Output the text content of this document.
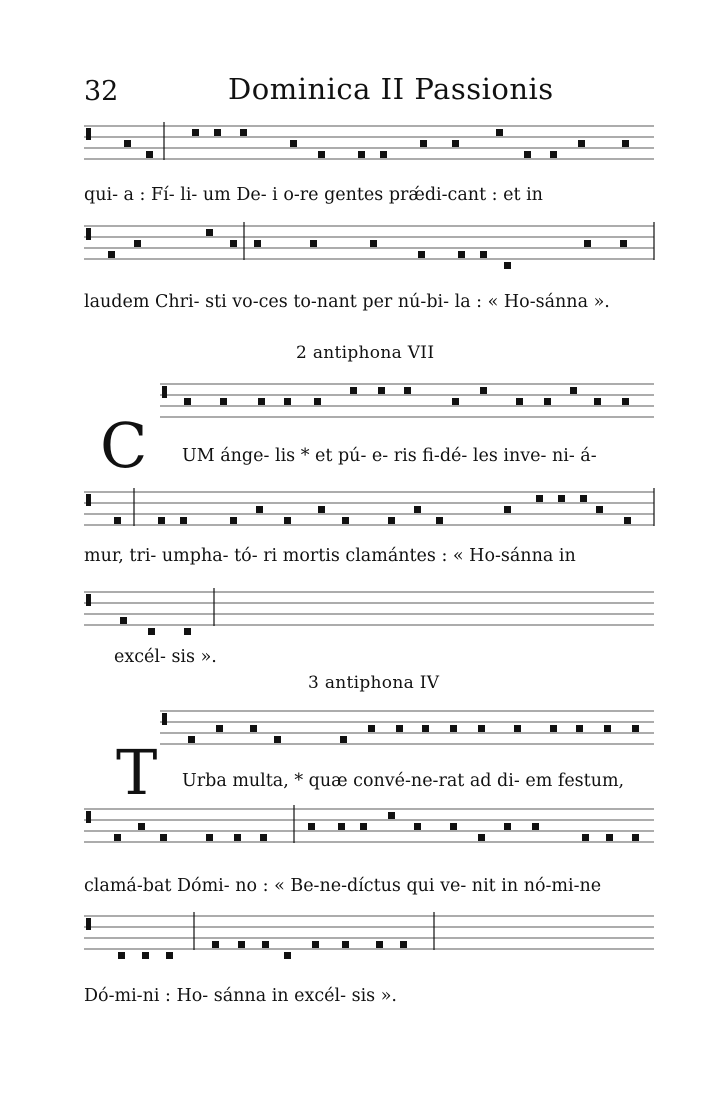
32	Dominica II Passionis
qui- a : Fí- li- um De- i o-re gentes prǽdi-cant : et in
laudem Chri- sti vo-ces to-nant per nú-bi- la : « Ho-sánna ».
2 antiphona VII
C UM ánge- lis * et pú- e- ris fi-dé- les inve- ni- á-
mur, tri- umpha- tó- ri mortis clamántes : « Ho-sánna in
excél- sis ».
3 antiphona IV
T Urba multa, * quæ convé-ne-rat ad di- em festum,
clamá-bat Dómi- no : « Be-ne-díctus qui ve- nit in nó-mi-ne
Dó-mi-ni : Ho- sánna in excél- sis ».
